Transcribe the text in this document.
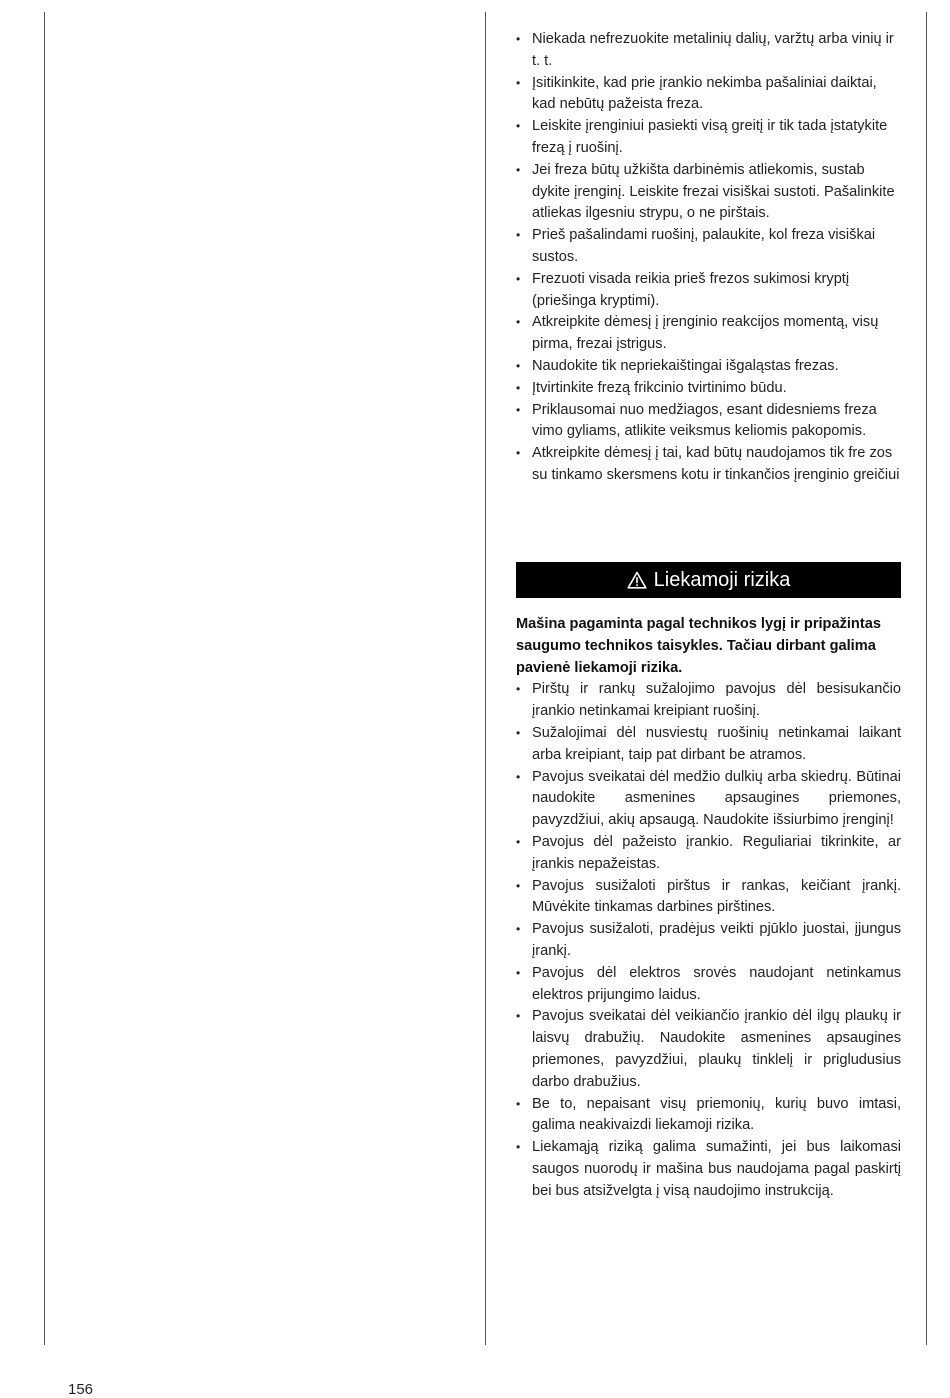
• Niekada nefrezuokite metalinių dalių, varžtų arba vinių ir t. t.
• Įsitikinkite, kad prie įrankio nekimba pašaliniai daiktai, kad nebūtų pažeista freza.
• Leiskite įrenginiui pasiekti visą greitį ir tik tada įstatykite frezą į ruošinį.
• Jei freza būtų užkišta darbinėmis atliekomis, sustab dykite įrenginį. Leiskite frezai visiškai sustoti. Pašalinkite atliekas ilgesniu strypu, o ne pirštais.
• Prieš pašalindami ruošinį, palaukite, kol freza visiškai sustos.
• Frezuoti visada reikia prieš frezos sukimosi kryptį (priešinga kryptimi).
• Atkreipkite dėmesį į įrenginio reakcijos momentą, visų pirma, frezai įstrigus.
• Naudokite tik nepriekaištingai išgaląstas frezas.
• Įtvirtinkite frezą frikcinio tvirtinimo būdu.
• Priklausomai nuo medžiagos, esant didesniems freza vimo gyliams, atlikite veiksmus keliomis pakopomis.
• Atkreipkite dėmesį į tai, kad būtų naudojamos tik fre zos su tinkamo skersmens kotu ir tinkančios įrenginio greičiui
Liekamoji rizika

Mašina pagaminta pagal technikos lygį ir pripažintas saugumo technikos taisykles. Tačiau dirbant galima pavienė liekamoji rizika.

• Pirštų ir rankų sužalojimo pavojus dėl besisukančio įrankio netinkamai kreipiant ruošinį.
• Sužalojimai dėl nusviestų ruošinių netinkamai laikant arba kreipiant, taip pat dirbant be atramos.
• Pavojus sveikatai dėl medžio dulkių arba skiedrų. Būtinai naudokite asmenines apsaugines priemones, pavyzdžiui, akių apsaugą. Naudokite išsiurbimo įrenginį!
• Pavojus dėl pažeisto įrankio. Reguliariai tikrinkite, ar įrankis nepažeistas.
• Pavojus susižaloti pirštus ir rankas, keičiant įrankį. Mūvėkite tinkamas darbines pirštines.
• Pavojus susižaloti, pradėjus veikti pjūklo juostai, įjungus įrankį.
• Pavojus dėl elektros srovės naudojant netinkamus elektros prijungimo laidus.
• Pavojus sveikatai dėl veikiančio įrankio dėl ilgų plaukų ir laisvų drabužių. Naudokite asmenines apsaugines priemones, pavyzdžiui, plaukų tinklelį ir prigludusius darbo drabužius.
• Be to, nepaisant visų priemonių, kurių buvo imtasi, galima neakivaizdi liekamoji rizika.
• Liekamąją riziką galima sumažinti, jei bus laikomasi saugos nuorodų ir mašina bus naudojama pagal paskirtį bei bus atsižvelgta į visą naudojimo instrukciją.
156
